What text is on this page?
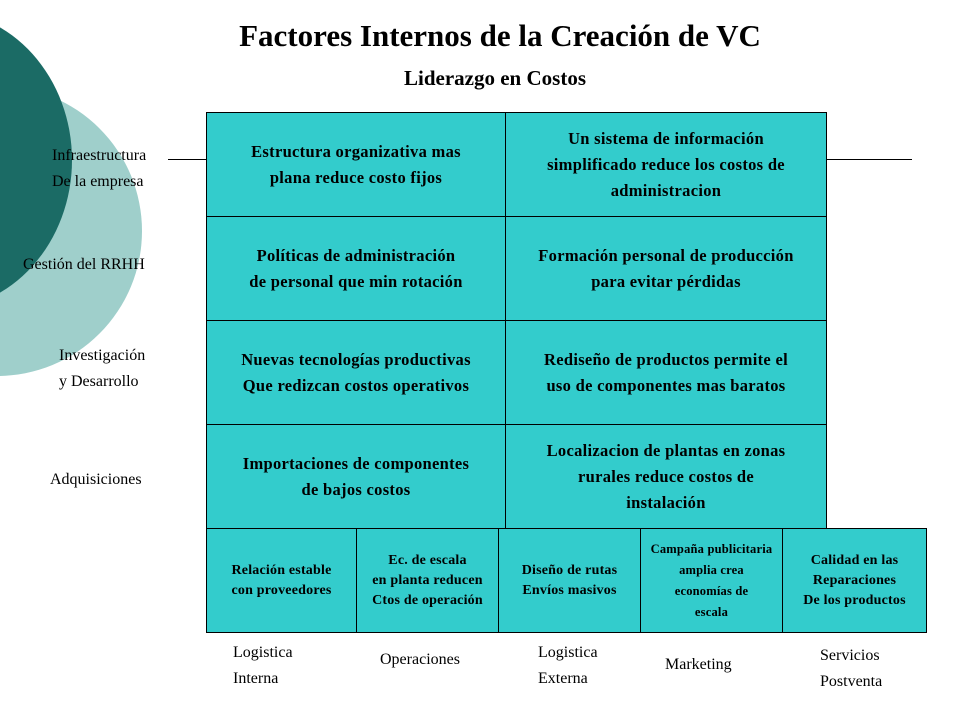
Factores Internos de la Creación de VC
Liderazgo en Costos
Infraestructura
De la empresa
Gestión del RRHH
Investigación
y Desarrollo
Adquisiciones
Estructura organizativa mas
plana reduce costo fijos
Un sistema de información
simplificado reduce los costos de
administracion
Políticas de administración
de personal que min rotación
Formación personal de producción
para evitar pérdidas
Nuevas tecnologías productivas
Que redizcan costos operativos
Rediseño de productos permite el
uso de componentes mas baratos
Importaciones de componentes
de bajos costos
Localizacion de plantas en zonas
rurales reduce costos de
instalación
Relación estable
con proveedores
Ec. de escala
en planta reducen
Ctos de operación
Diseño de rutas
Envíos masivos
Campaña publicitaria
amplia crea
economías de
escala
Calidad en las
Reparaciones
De los productos
Logistica
Interna
Operaciones	Logistica
Externa
Marketing
Servicios
Postventa
